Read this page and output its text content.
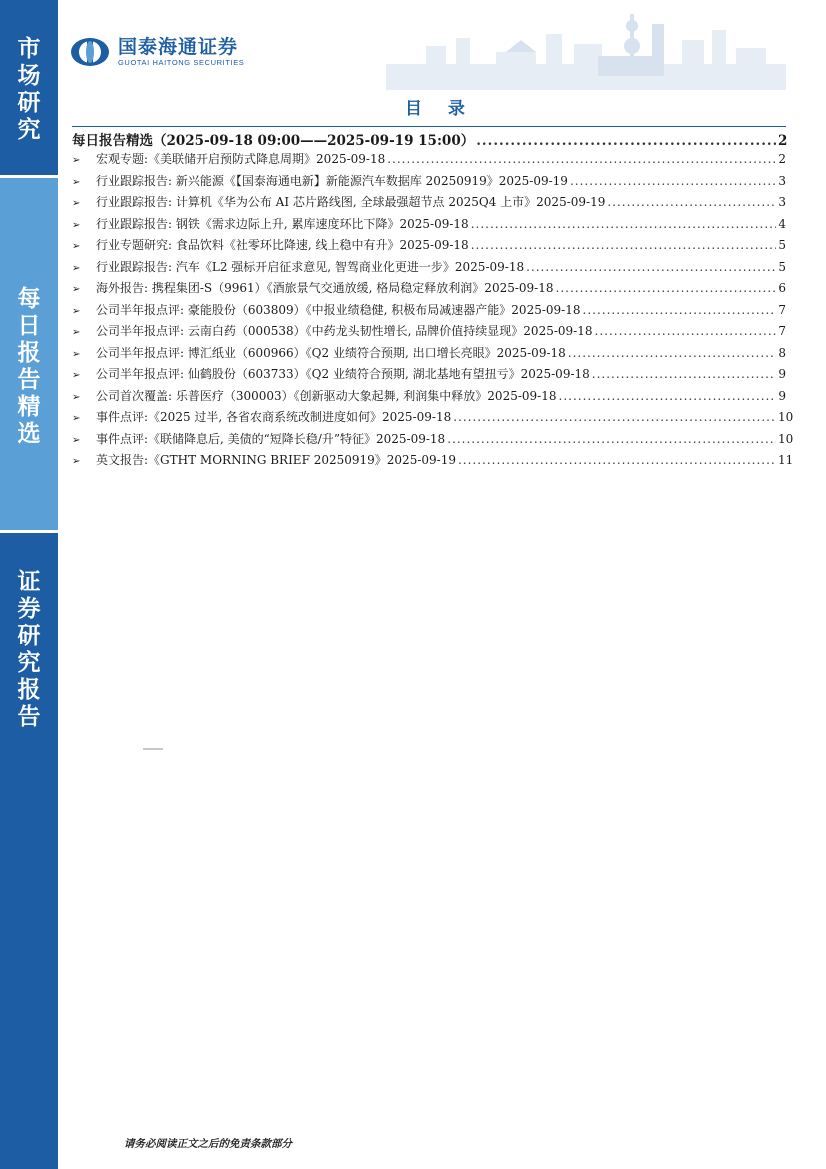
市场研究
每日报告精选
证券研究报告
国泰海通证券
GUOTAI HAITONG SECURITIES
目 录
每日报告精选（2025-09-18 09:00——2025-09-19 15:00） .....	2
➢	宏观专题:《美联储开启预防式降息周期》2025-09-18 .....	2
➢	行业跟踪报告: 新兴能源《【国泰海通电新】新能源汽车数据库 20250919》2025-09-19 .....	3
➢	行业跟踪报告: 计算机《华为公布 AI 芯片路线图, 全球最强超节点 2025Q4 上市》2025-09-19 .....	3
➢	行业跟踪报告: 钢铁《需求边际上升, 累库速度环比下降》2025-09-18 .....	4
➢	行业专题研究: 食品饮料《社零环比降速, 线上稳中有升》2025-09-18 .....	5
➢	行业跟踪报告: 汽车《L2 强标开启征求意见, 智驾商业化更进一步》2025-09-18 .....	5
➢	海外报告: 携程集团-S（9961）《酒旅景气交通放缓, 格局稳定释放利润》2025-09-18 .....	6
➢	公司半年报点评: 豪能股份（603809）《中报业绩稳健, 积极布局减速器产能》2025-09-18 .....	7
➢	公司半年报点评: 云南白药（000538）《中药龙头韧性增长, 品牌价值持续显现》2025-09-18 .....	7
➢	公司半年报点评: 博汇纸业（600966）《Q2 业绩符合预期, 出口增长亮眼》2025-09-18 .....	8
➢	公司半年报点评: 仙鹤股份（603733）《Q2 业绩符合预期, 湖北基地有望扭亏》2025-09-18 .....	9
➢	公司首次覆盖: 乐普医疗（300003）《创新驱动大象起舞, 利润集中释放》2025-09-18 .....	9
➢	事件点评:《2025 过半, 各省农商系统改制进度如何》2025-09-18 .....	10
➢	事件点评:《联储降息后, 美债的“短降长稳/升”特征》2025-09-18 .....	10
➢	英文报告:《GTHT MORNING BRIEF 20250919》2025-09-19 .....	11
请务必阅读正文之后的免责条款部分
